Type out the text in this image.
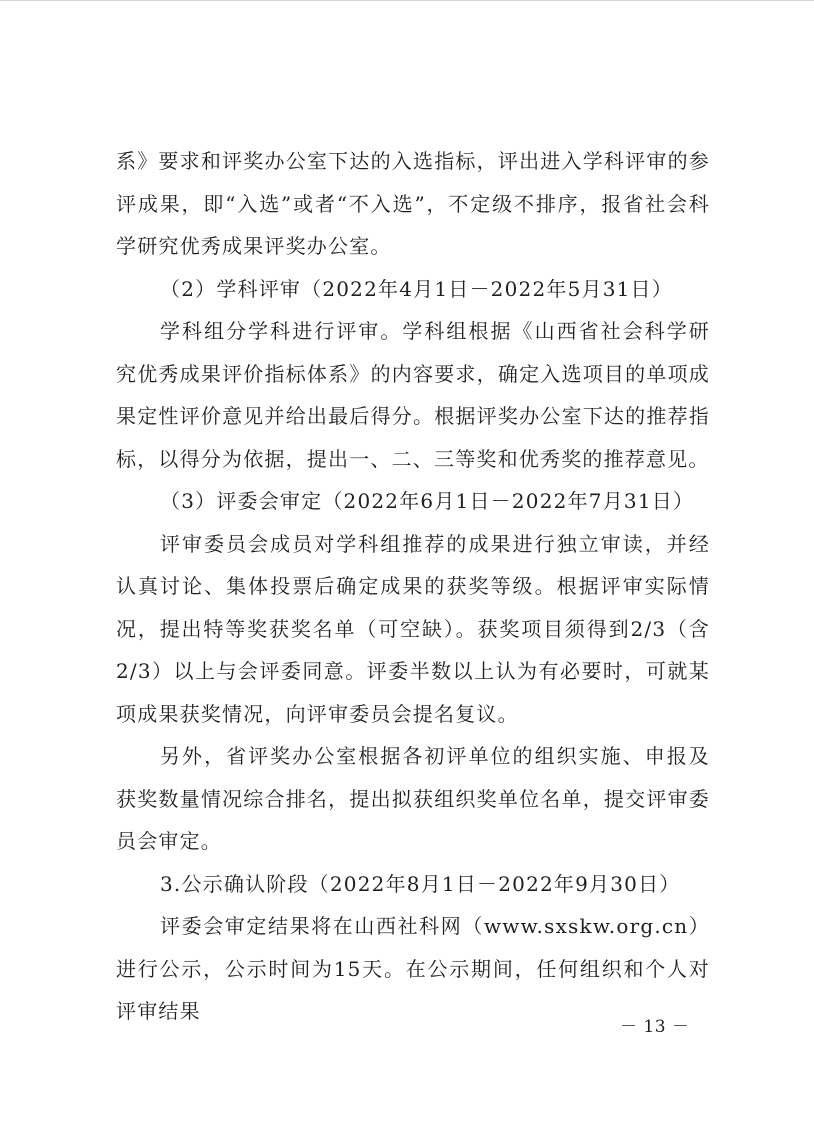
系》要求和评奖办公室下达的入选指标，评出进入学科评审的参评成果，即“入选”或者“不入选”，不定级不排序，报省社会科学研究优秀成果评奖办公室。

（2）学科评审（2022年4月1日－2022年5月31日）

学科组分学科进行评审。学科组根据《山西省社会科学研究优秀成果评价指标体系》的内容要求，确定入选项目的单项成果定性评价意见并给出最后得分。根据评奖办公室下达的推荐指标，以得分为依据，提出一、二、三等奖和优秀奖的推荐意见。

（3）评委会审定（2022年6月1日－2022年7月31日）

评审委员会成员对学科组推荐的成果进行独立审读，并经认真讨论、集体投票后确定成果的获奖等级。根据评审实际情况，提出特等奖获奖名单（可空缺）。获奖项目须得到2/3（含2/3）以上与会评委同意。评委半数以上认为有必要时，可就某项成果获奖情况，向评审委员会提名复议。

另外，省评奖办公室根据各初评单位的组织实施、申报及获奖数量情况综合排名，提出拟获组织奖单位名单，提交评审委员会审定。

3.公示确认阶段（2022年8月1日－2022年9月30日）

评委会审定结果将在山西社科网（www.sxskw.org.cn）进行公示，公示时间为15天。在公示期间，任何组织和个人对评审结果

－ 13 －
